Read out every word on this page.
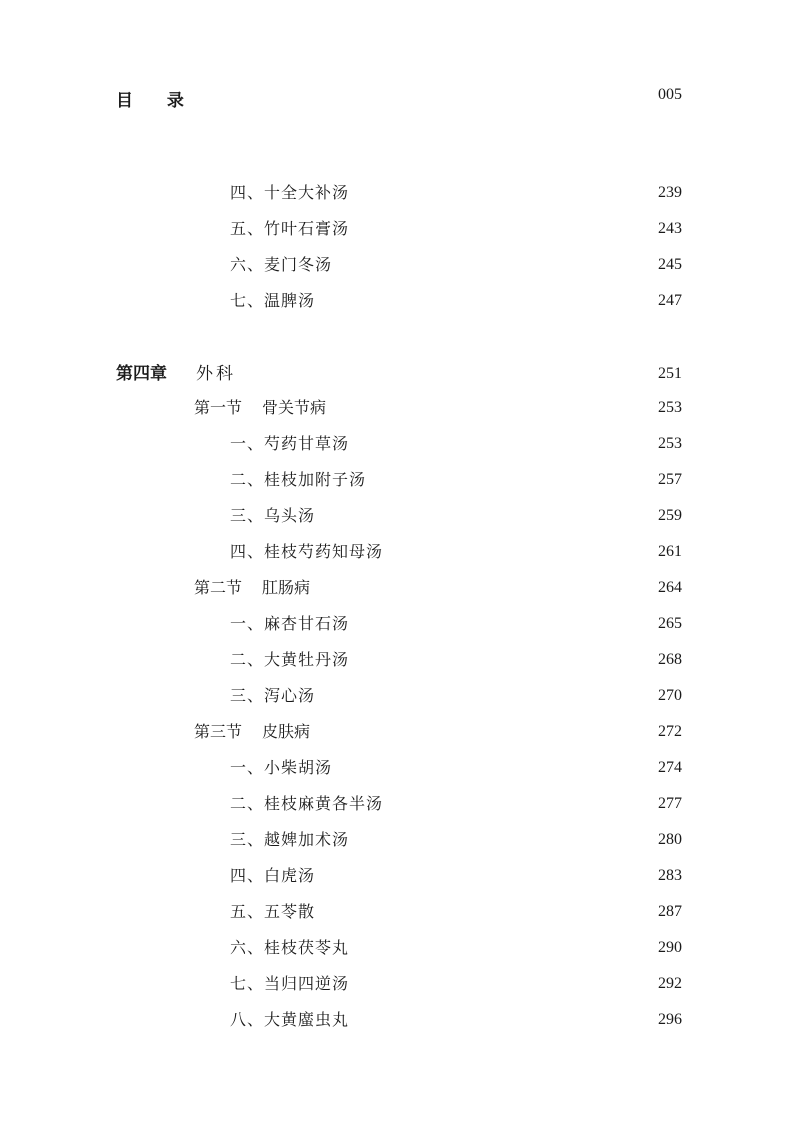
目 录	005
四、十全大补汤	239
五、竹叶石膏汤	243
六、麦门冬汤	245
七、温脾汤	247
第四章 外科	251
第一节 骨关节病	253
一、芍药甘草汤	253
二、桂枝加附子汤	257
三、乌头汤	259
四、桂枝芍药知母汤	261
第二节 肛肠病	264
一、麻杏甘石汤	265
二、大黄牡丹汤	268
三、泻心汤	270
第三节 皮肤病	272
一、小柴胡汤	274
二、桂枝麻黄各半汤	277
三、越婢加术汤	280
四、白虎汤	283
五、五苓散	287
六、桂枝茯苓丸	290
七、当归四逆汤	292
八、大黄䗪虫丸	296
